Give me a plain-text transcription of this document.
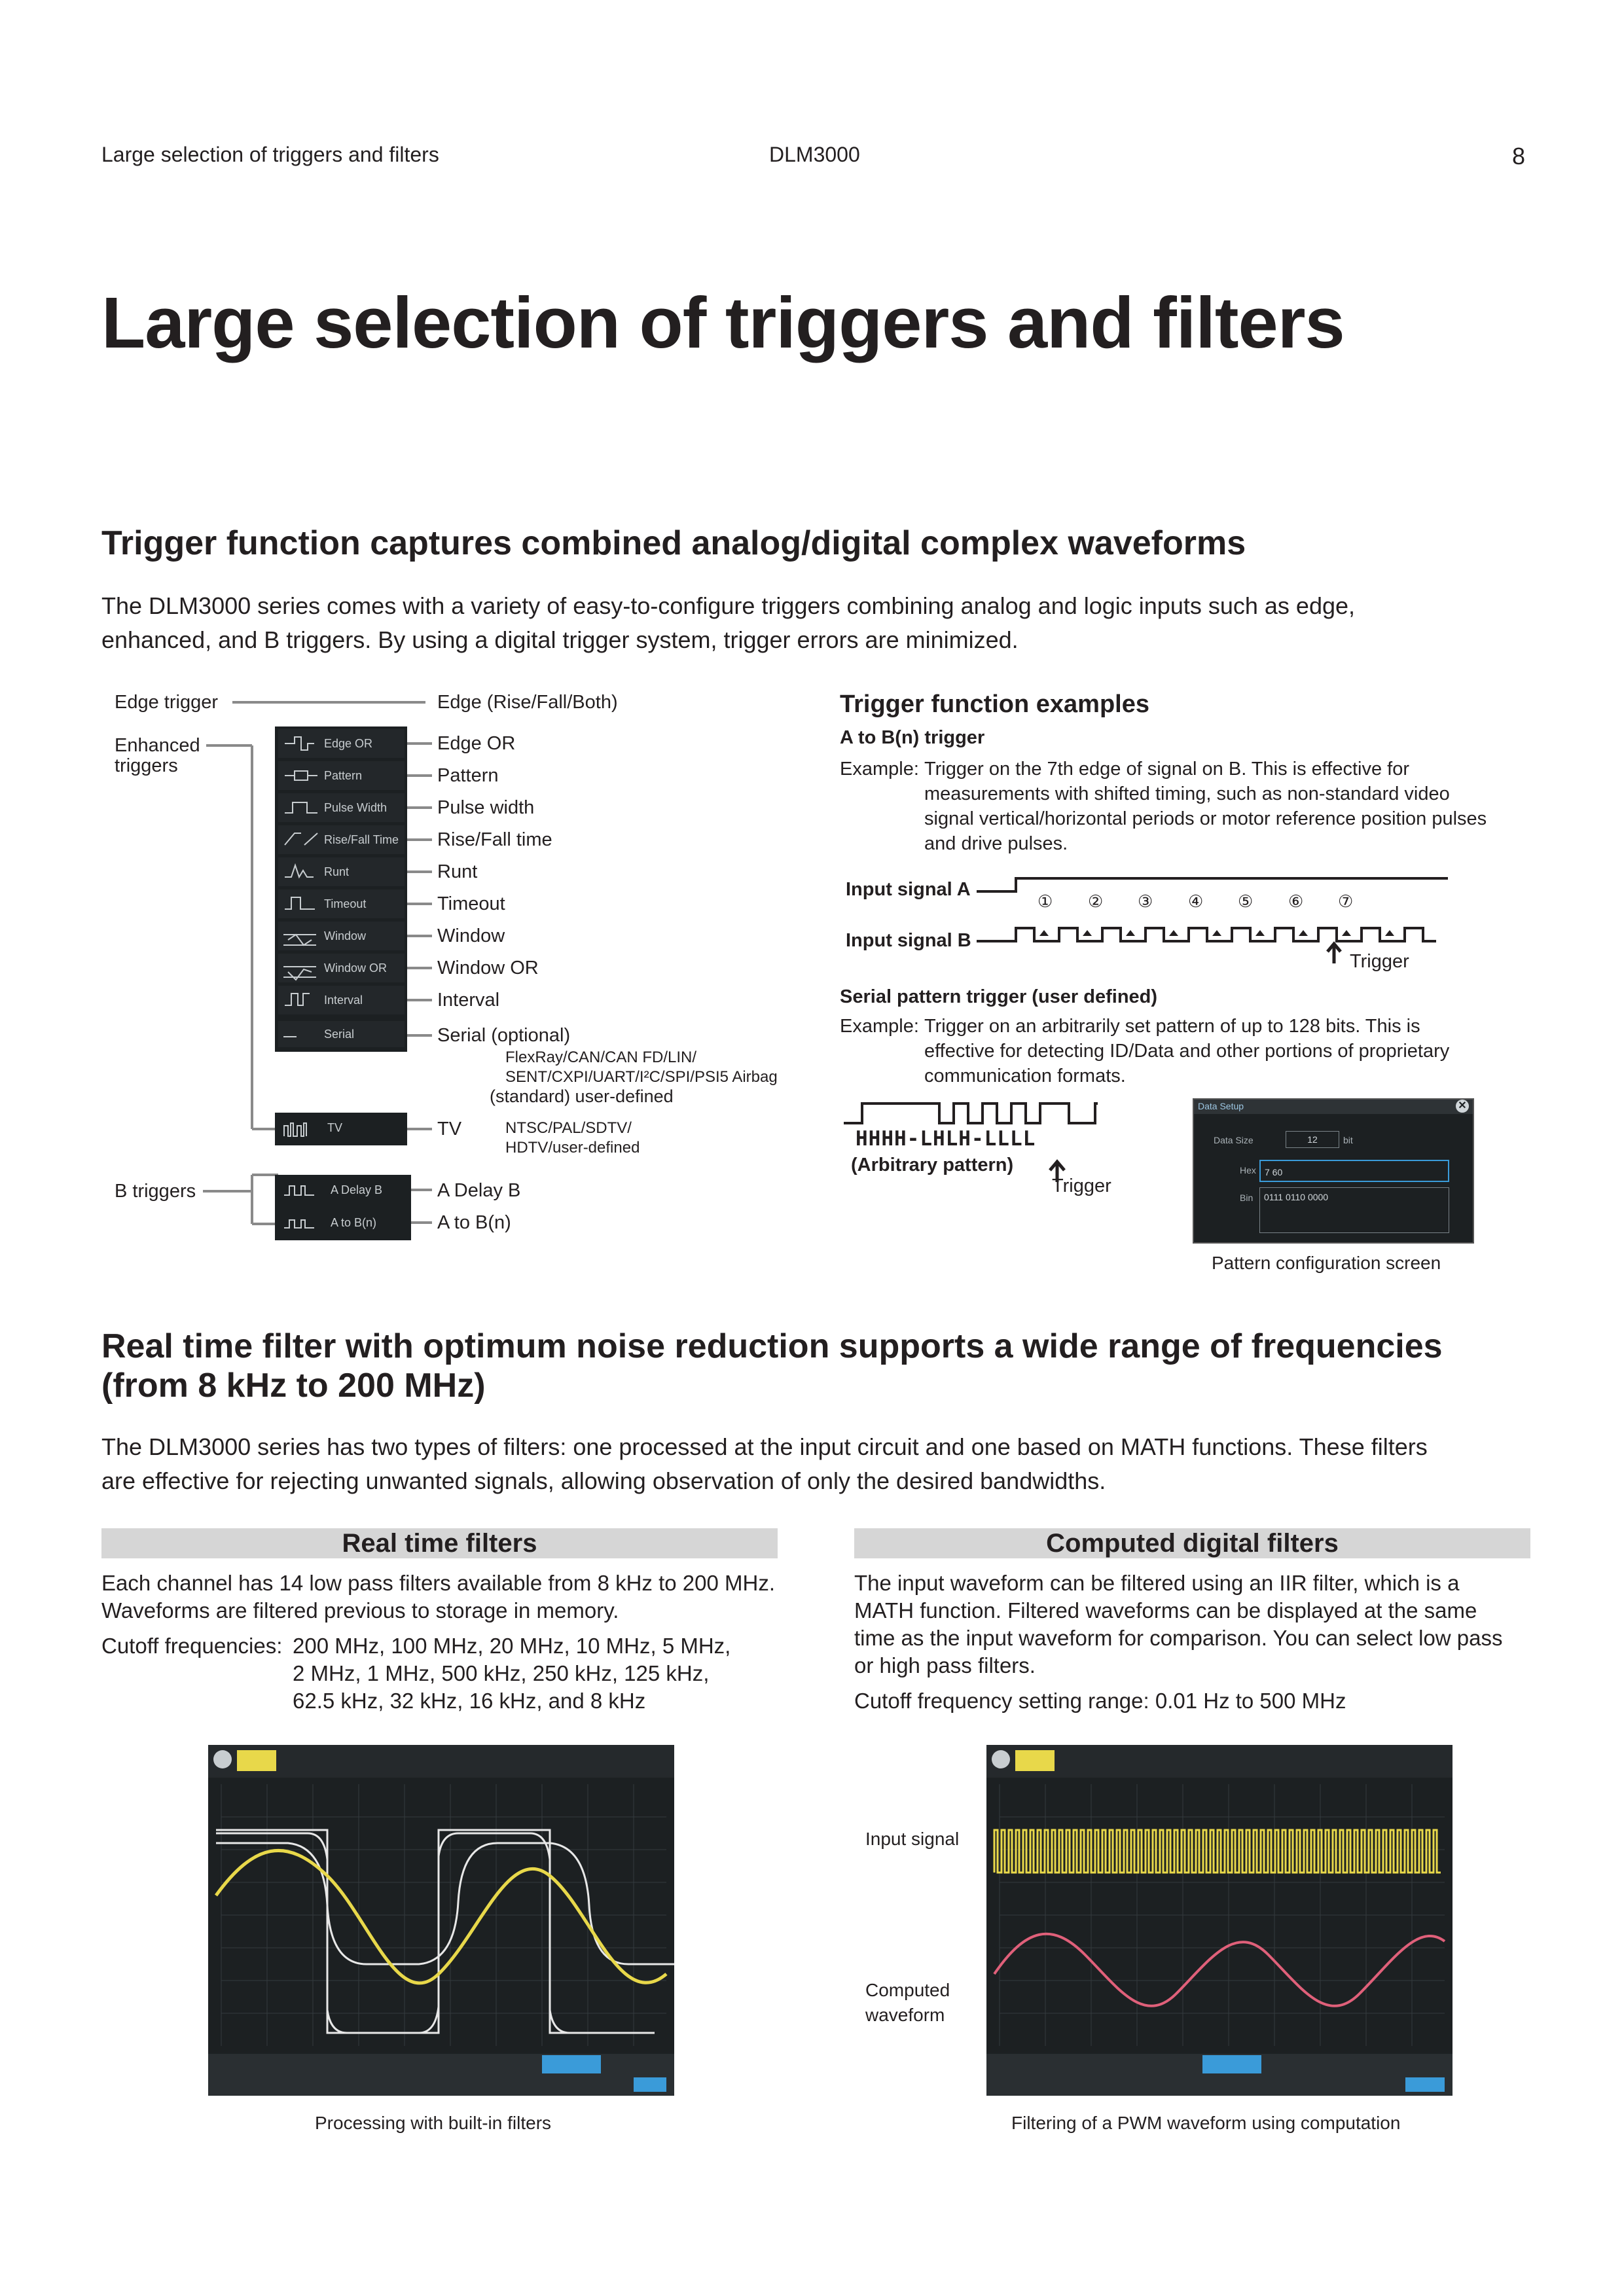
Large selection of triggers and filters	DLM3000	8
Large selection of triggers and filters
Trigger function captures combined analog/digital complex waveforms
The DLM3000 series comes with a variety of easy-to-configure triggers combining analog and logic inputs such as edge,
enhanced, and B triggers. By using a digital trigger system, trigger errors are minimized.
Edge trigger	Edge (Rise/Fall/Both)
Enhanced
triggers
Edge OR
Pattern
Pulse Width
Rise/Fall Time
Runt
Timeout
Window
Window OR
Interval
Serial
Edge OR
Pattern
Pulse width
Rise/Fall time
Runt
Timeout
Window
Window OR
Interval
Serial (optional)
FlexRay/CAN/CAN FD/LIN/
SENT/CXPI/UART/I²C/SPI/PSI5 Airbag
(standard) user-defined
TV	TV	NTSC/PAL/SDTV/
HDTV/user-defined
B triggers	A Delay B
A to B(n)
A Delay B
A to B(n)
Trigger function examples
A to B(n) trigger
Example: Trigger on the 7th edge of signal on B. This is effective for
measurements with shifted timing, such as non-standard video
signal vertical/horizontal periods or motor reference position pulses
and drive pulses.
Input signal A
Input signal B
① ② ③ ④ ⑤ ⑥ ⑦
Trigger
Serial pattern trigger (user defined)
Example: Trigger on an arbitrarily set pattern of up to 128 bits. This is
effective for detecting ID/Data and other portions of proprietary
communication formats.
HHHH-LHLH-LLLL
(Arbitrary pattern)
Trigger
Data Setup	✕
Data Size	12	bit
Hex 7 60
Bin	0111 0110 0000
Pattern configuration screen
Real time filter with optimum noise reduction supports a wide range of frequencies
(from 8 kHz to 200 MHz)
The DLM3000 series has two types of filters: one processed at the input circuit and one based on MATH functions. These filters
are effective for rejecting unwanted signals, allowing observation of only the desired bandwidths.
Real time filters
Each channel has 14 low pass filters available from 8 kHz to 200 MHz.
Waveforms are filtered previous to storage in memory.
Cutoff frequencies: 200 MHz, 100 MHz, 20 MHz, 10 MHz, 5 MHz,
2 MHz, 1 MHz, 500 kHz, 250 kHz, 125 kHz,
62.5 kHz, 32 kHz, 16 kHz, and 8 kHz
Processing with built-in filters
Computed digital filters
The input waveform can be filtered using an IIR filter, which is a
MATH function. Filtered waveforms can be displayed at the same
time as the input waveform for comparison. You can select low pass
or high pass filters.
Cutoff frequency setting range: 0.01 Hz to 500 MHz
Input signal
Computed
waveform
Filtering of a PWM waveform using computation
